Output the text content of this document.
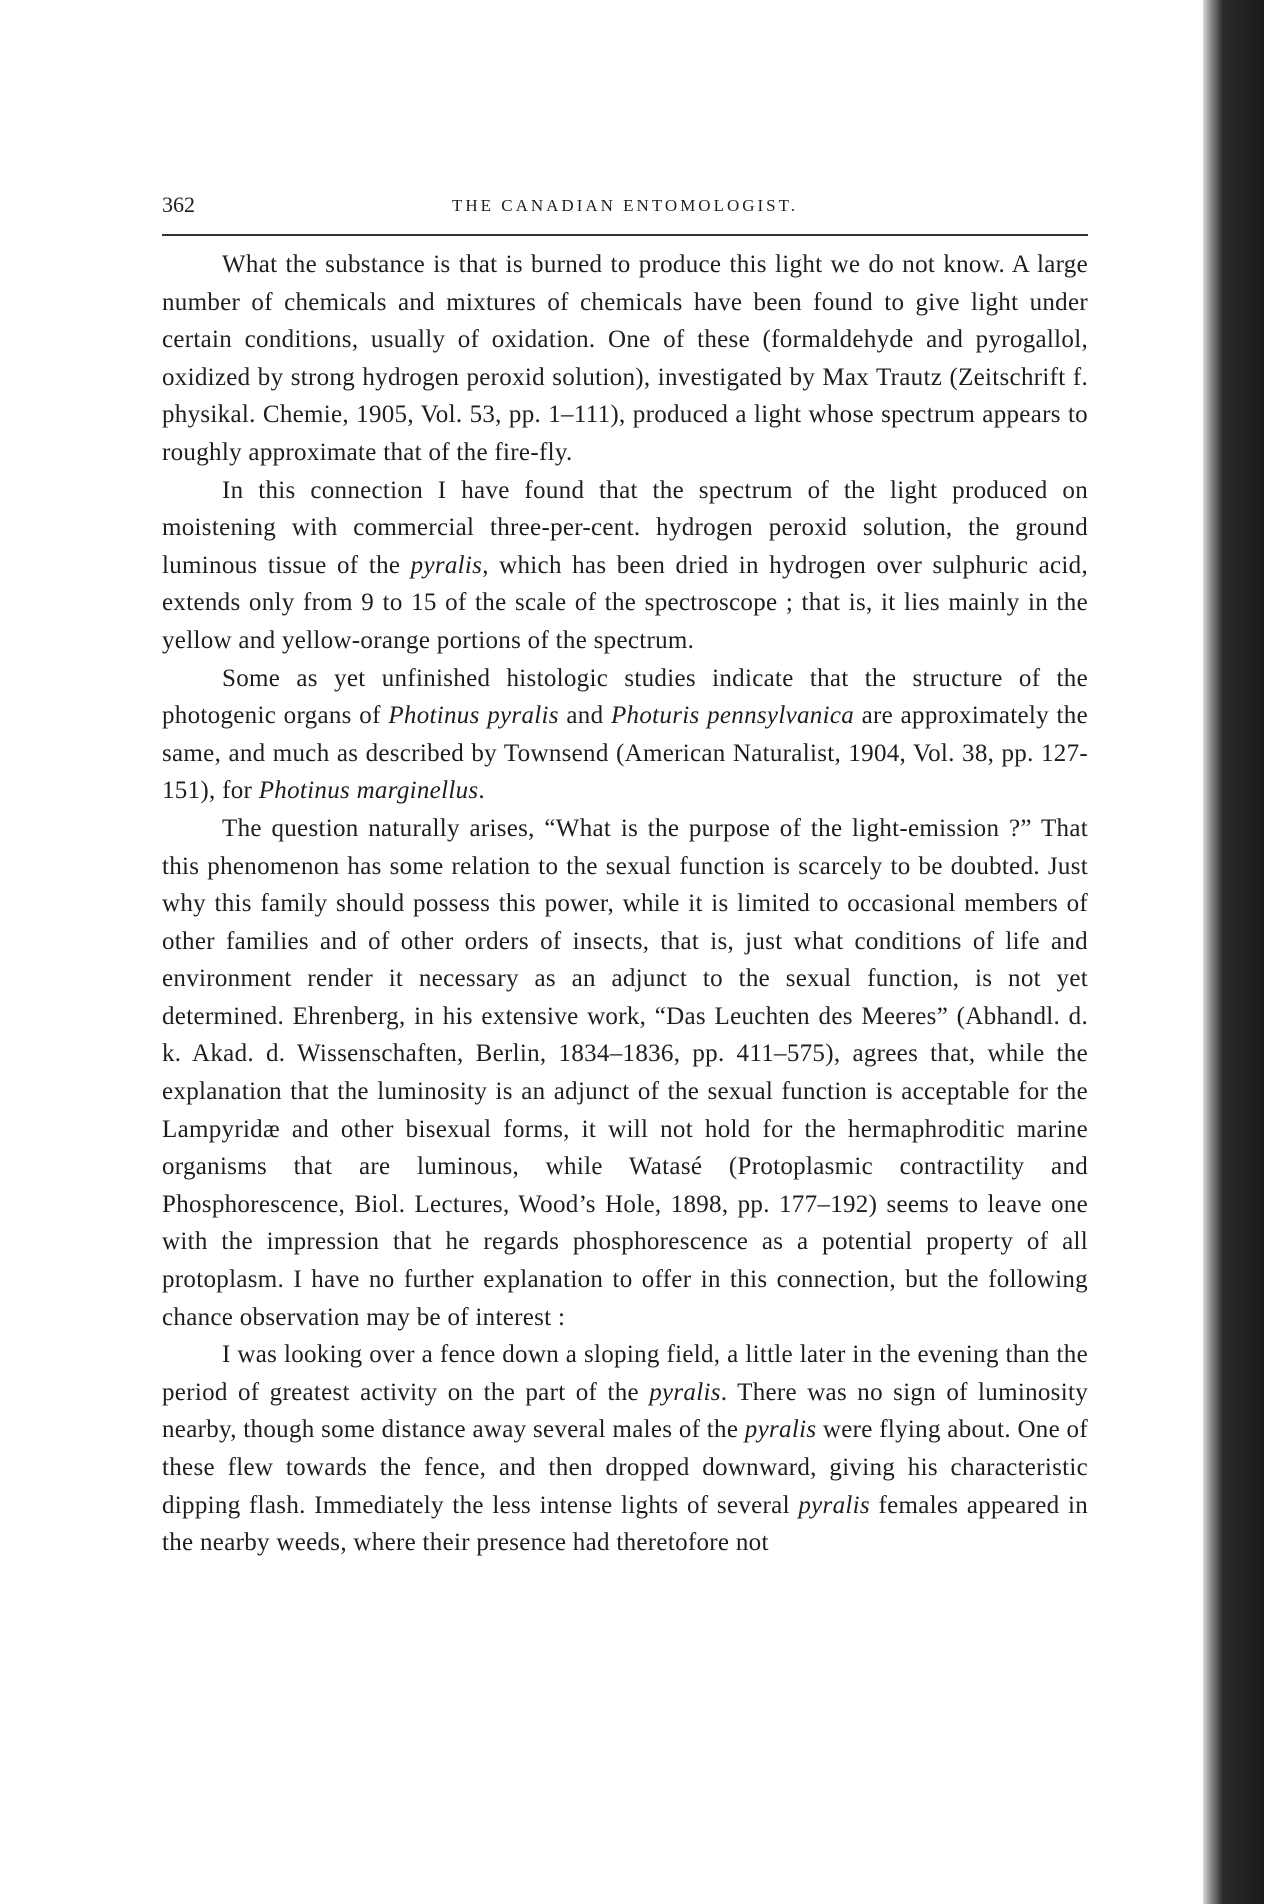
362	THE CANADIAN ENTOMOLOGIST.

What the substance is that is burned to produce this light we do not know. A large number of chemicals and mixtures of chemicals have been found to give light under certain conditions, usually of oxidation. One of these (formaldehyde and pyrogallol, oxidized by strong hydrogen peroxid solution), investigated by Max Trautz (Zeitschrift f. physikal. Chemie, 1905, Vol. 53, pp. 1–111), produced a light whose spectrum appears to roughly approximate that of the fire-fly.

In this connection I have found that the spectrum of the light produced on moistening with commercial three-per-cent. hydrogen peroxid solution, the ground luminous tissue of the pyralis, which has been dried in hydrogen over sulphuric acid, extends only from 9 to 15 of the scale of the spectroscope ; that is, it lies mainly in the yellow and yellow-orange portions of the spectrum.

Some as yet unfinished histologic studies indicate that the structure of the photogenic organs of Photinus pyralis and Photuris pennsylvanica are approximately the same, and much as described by Townsend (American Naturalist, 1904, Vol. 38, pp. 127-151), for Photinus marginellus.

The question naturally arises, “What is the purpose of the light-emission ?” That this phenomenon has some relation to the sexual function is scarcely to be doubted. Just why this family should possess this power, while it is limited to occasional members of other families and of other orders of insects, that is, just what conditions of life and environment render it necessary as an adjunct to the sexual function, is not yet determined. Ehrenberg, in his extensive work, “Das Leuchten des Meeres” (Abhandl. d. k. Akad. d. Wissenschaften, Berlin, 1834–1836, pp. 411–575), agrees that, while the explanation that the luminosity is an adjunct of the sexual function is acceptable for the Lampyridæ and other bisexual forms, it will not hold for the hermaphroditic marine organisms that are luminous, while Watasé (Protoplasmic contractility and Phosphorescence, Biol. Lectures, Wood’s Hole, 1898, pp. 177–192) seems to leave one with the impression that he regards phosphorescence as a potential property of all protoplasm. I have no further explanation to offer in this connection, but the following chance observation may be of interest :

I was looking over a fence down a sloping field, a little later in the evening than the period of greatest activity on the part of the pyralis. There was no sign of luminosity nearby, though some distance away several males of the pyralis were flying about. One of these flew towards the fence, and then dropped downward, giving his characteristic dipping flash. Immediately the less intense lights of several pyralis females appeared in the nearby weeds, where their presence had theretofore not
